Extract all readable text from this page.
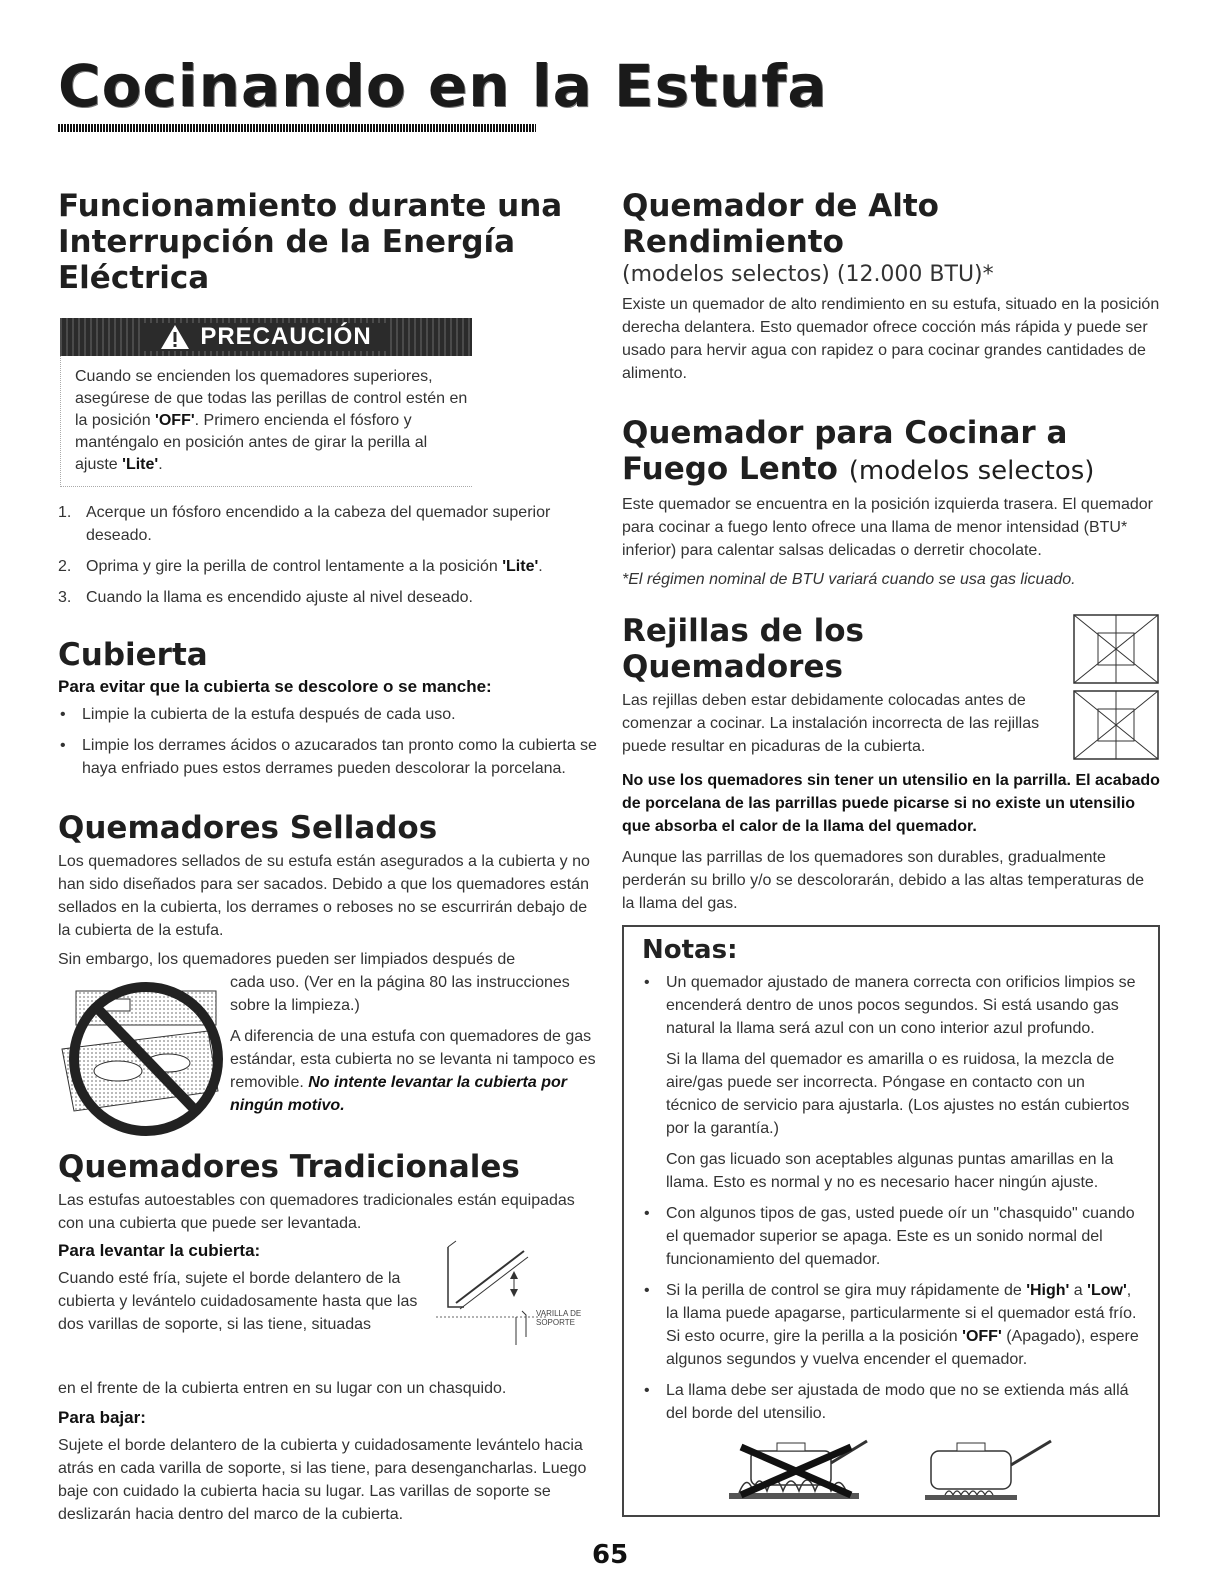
Cocinando en la Estufa
Funcionamiento durante una
Interrupción de la Energía
Eléctrica
PRECAUCIÓN
Cuando se encienden los quemadores superiores, asegúrese de que todas las perillas de control estén en la posición 'OFF'. Primero encienda el fósforo y manténgalo en posición antes de girar la perilla al ajuste 'Lite'.
1. Acerque un fósforo encendido a la cabeza del quemador superior deseado.
2. Oprima y gire la perilla de control lentamente a la posición 'Lite'.
3. Cuando la llama es encendido ajuste al nivel deseado.
Cubierta
Para evitar que la cubierta se descolore o se manche:
•	Limpie la cubierta de la estufa después de cada uso.
•	Limpie los derrames ácidos o azucarados tan pronto como la cubierta se haya enfriado pues estos derrames pueden descolorar la porcelana.
Quemadores Sellados

Los quemadores sellados de su estufa están asegurados a la cubierta y no han sido diseñados para ser sacados. Debido a que los quemadores están sellados en la cubierta, los derrames o reboses no se escurrirán debajo de la cubierta de la estufa.

Sin embargo, los quemadores pueden ser limpiados después de

cada uso. (Ver en la página 80 las instrucciones sobre la limpieza.)

A diferencia de una estufa con quemadores de gas estándar, esta cubierta no se levanta ni tampoco es removible. No intente levantar la cubierta por ningún motivo.

Quemadores Tradicionales

Las estufas autoestables con quemadores tradicionales están equipadas con una cubierta que puede ser levantada.

Para levantar la cubierta:

Cuando esté fría, sujete el borde delantero de la cubierta y levántelo cuidadosamente hasta que las dos varillas de soporte, si las tiene, situadas

VARILLA DE
SOPORTE

en el frente de la cubierta entren en su lugar con un chasquido.

Para bajar:

Sujete el borde delantero de la cubierta y cuidadosamente levántelo hacia atrás en cada varilla de soporte, si las tiene, para desengancharlas. Luego baje con cuidado la cubierta hacia su lugar. Las varillas de soporte se deslizarán hacia dentro del marco de la cubierta.

Quemador de Alto Rendimiento
(modelos selectos) (12.000 BTU)*

Existe un quemador de alto rendimiento en su estufa, situado en la posición derecha delantera. Esto quemador ofrece cocción más rápida y puede ser usado para hervir agua con rapidez o para cocinar grandes cantidades de alimento.

Quemador para Cocinar a
Fuego Lento (modelos selectos)

Este quemador se encuentra en la posición izquierda trasera. El quemador para cocinar a fuego lento ofrece una llama de menor intensidad (BTU* inferior) para calentar salsas delicadas o derretir chocolate.

*El régimen nominal de BTU variará cuando se usa gas licuado.

Rejillas de los
Quemadores

Las rejillas deben estar debidamente colocadas antes de comenzar a cocinar. La instalación incorrecta de las rejillas puede resultar en picaduras de la cubierta.

No use los quemadores sin tener un utensilio en la parrilla. El acabado de porcelana de las parrillas puede picarse si no existe un utensilio que absorba el calor de la llama del quemador.

Aunque las parrillas de los quemadores son durables, gradualmente perderán su brillo y/o se descolorarán, debido a las altas temperaturas de la llama del gas.

Notas:
•	Un quemador ajustado de manera correcta con orificios limpios se encenderá dentro de unos pocos segundos. Si está usando gas natural la llama será azul con un cono interior azul profundo.

Si la llama del quemador es amarilla o es ruidosa, la mezcla de aire/gas puede ser incorrecta. Póngase en contacto con un técnico de servicio para ajustarla. (Los ajustes no están cubiertos por la garantía.)

Con gas licuado son aceptables algunas puntas amarillas en la llama. Esto es normal y no es necesario hacer ningún ajuste.

•	Con algunos tipos de gas, usted puede oír un "chasquido" cuando el quemador superior se apaga. Este es un sonido normal del funcionamiento del quemador.
•	Si la perilla de control se gira muy rápidamente de 'High' a 'Low', la llama puede apagarse, particularmente si el quemador está frío. Si esto ocurre, gire la perilla a la posición 'OFF' (Apagado), espere algunos segundos y vuelva encender el quemador.
•	La llama debe ser ajustada de modo que no se extienda más allá del borde del utensilio.
65
